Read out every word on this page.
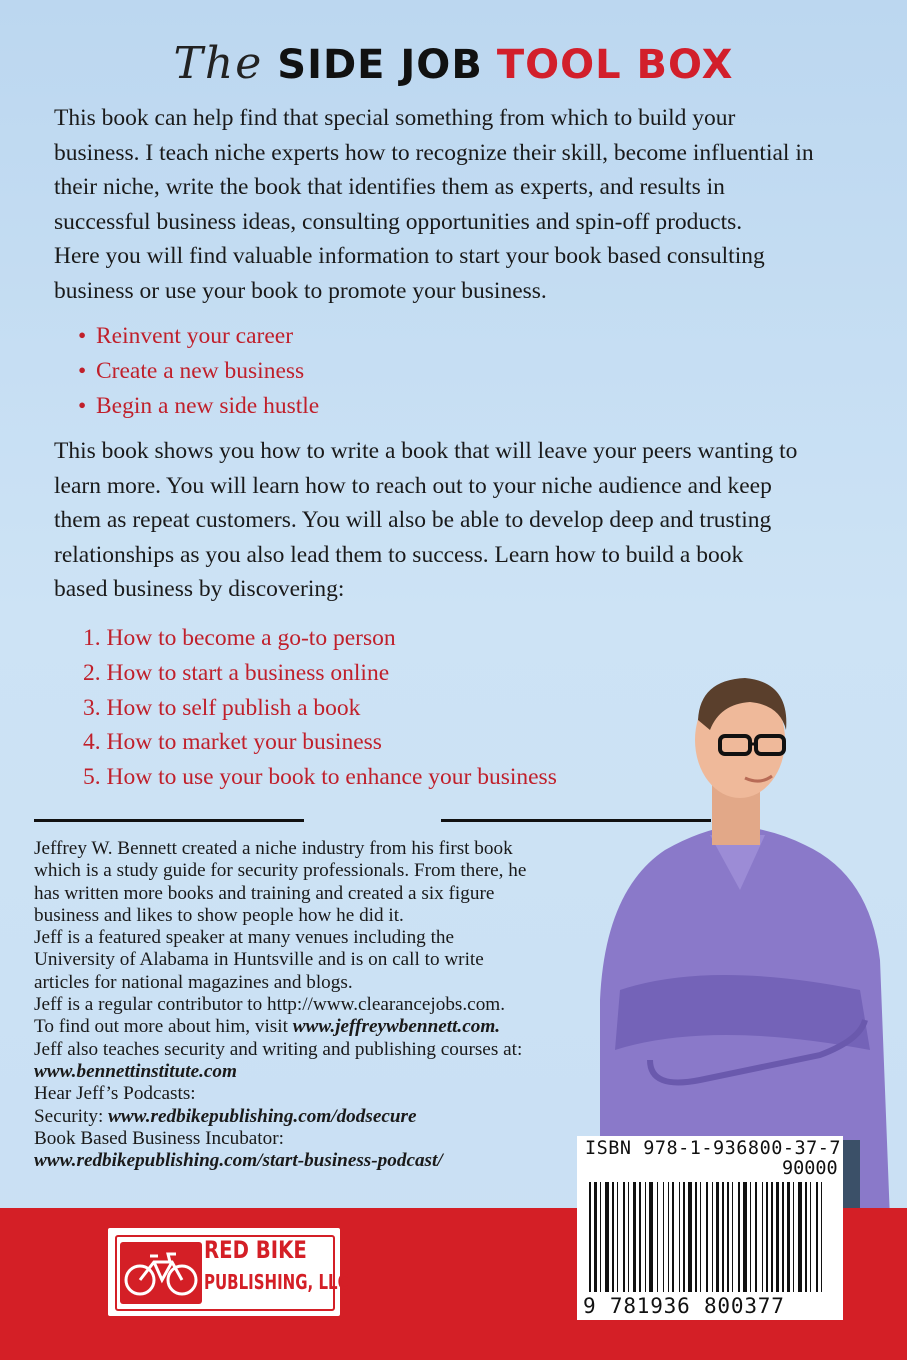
The SIDE JOB TOOL BOX
This book can help find that special something from which to build your
business. I teach niche experts how to recognize their skill, become influential in
their niche, write the book that identifies them as experts, and results in
successful business ideas, consulting opportunities and spin-off products.
Here you will find valuable information to start your book based consulting
business or use your book to promote your business.
• Reinvent your career
• Create a new business
• Begin a new side hustle
This book shows you how to write a book that will leave your peers wanting to
learn more. You will learn how to reach out to your niche audience and keep
them as repeat customers. You will also be able to develop deep and trusting
relationships as you also lead them to success. Learn how to build a book
based business by discovering:
1. How to become a go-to person
2. How to start a business online
3. How to self publish a book
4. How to market your business
5. How to use your book to enhance your business
Jeffrey W. Bennett created a niche industry from his first book
which is a study guide for security professionals. From there, he
has written more books and training and created a six figure
business and likes to show people how he did it.
Jeff is a featured speaker at many venues including the
University of Alabama in Huntsville and is on call to write
articles for national magazines and blogs.
Jeff is a regular contributor to http://www.clearancejobs.com.
To find out more about him, visit www.jeffreywbennett.com.
Jeff also teaches security and writing and publishing courses at:
www.bennettinstitute.com
Hear Jeff’s Podcasts:
Security: www.redbikepublishing.com/dodsecure
Book Based Business Incubator:
www.redbikepublishing.com/start-business-podcast/
RED BIKE
PUBLISHING, LLC
ISBN 978-1-936800-37-7
90000
9 781936 800377
